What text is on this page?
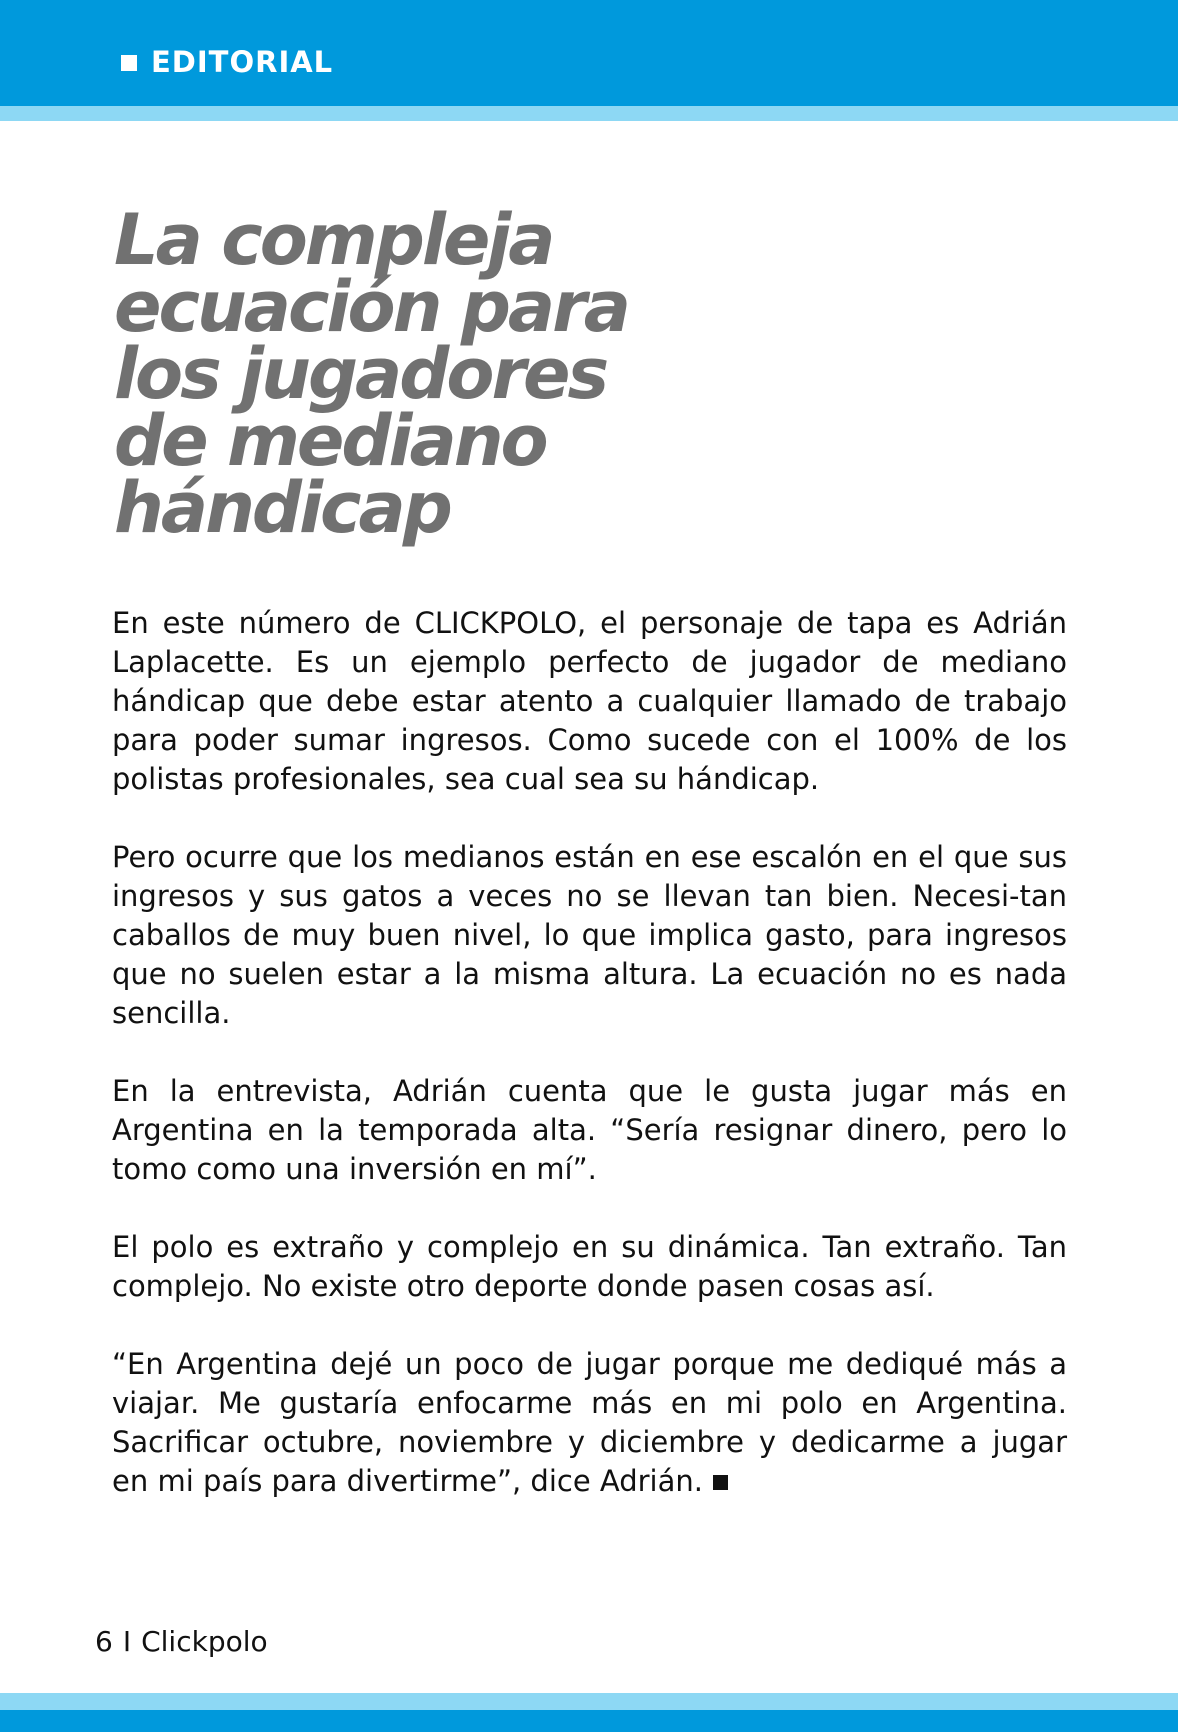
EDITORIAL
La compleja
ecuación para
los jugadores
de mediano
hándicap

En este número de CLICKPOLO, el personaje de tapa es Adrián Laplacette. Es un ejemplo perfecto de jugador de mediano hándicap que debe estar atento a cualquier llamado de trabajo para poder sumar ingresos. Como sucede con el 100% de los polistas profesionales, sea cual sea su hándicap.

Pero ocurre que los medianos están en ese escalón en el que sus ingresos y sus gatos a veces no se llevan tan bien. Necesi-tan caballos de muy buen nivel, lo que implica gasto, para ingresos que no suelen estar a la misma altura. La ecuación no es nada sencilla.

En la entrevista, Adrián cuenta que le gusta jugar más en Argentina en la temporada alta. “Sería resignar dinero, pero lo tomo como una inversión en mí”.

El polo es extraño y complejo en su dinámica. Tan extraño. Tan complejo. No existe otro deporte donde pasen cosas así.

“En Argentina dejé un poco de jugar porque me dediqué más a viajar. Me gustaría enfocarme más en mi polo en Argentina. Sacrificar octubre, noviembre y diciembre y dedicarme a jugar en mi país para divertirme”, dice Adrián.

6 I Clickpolo
